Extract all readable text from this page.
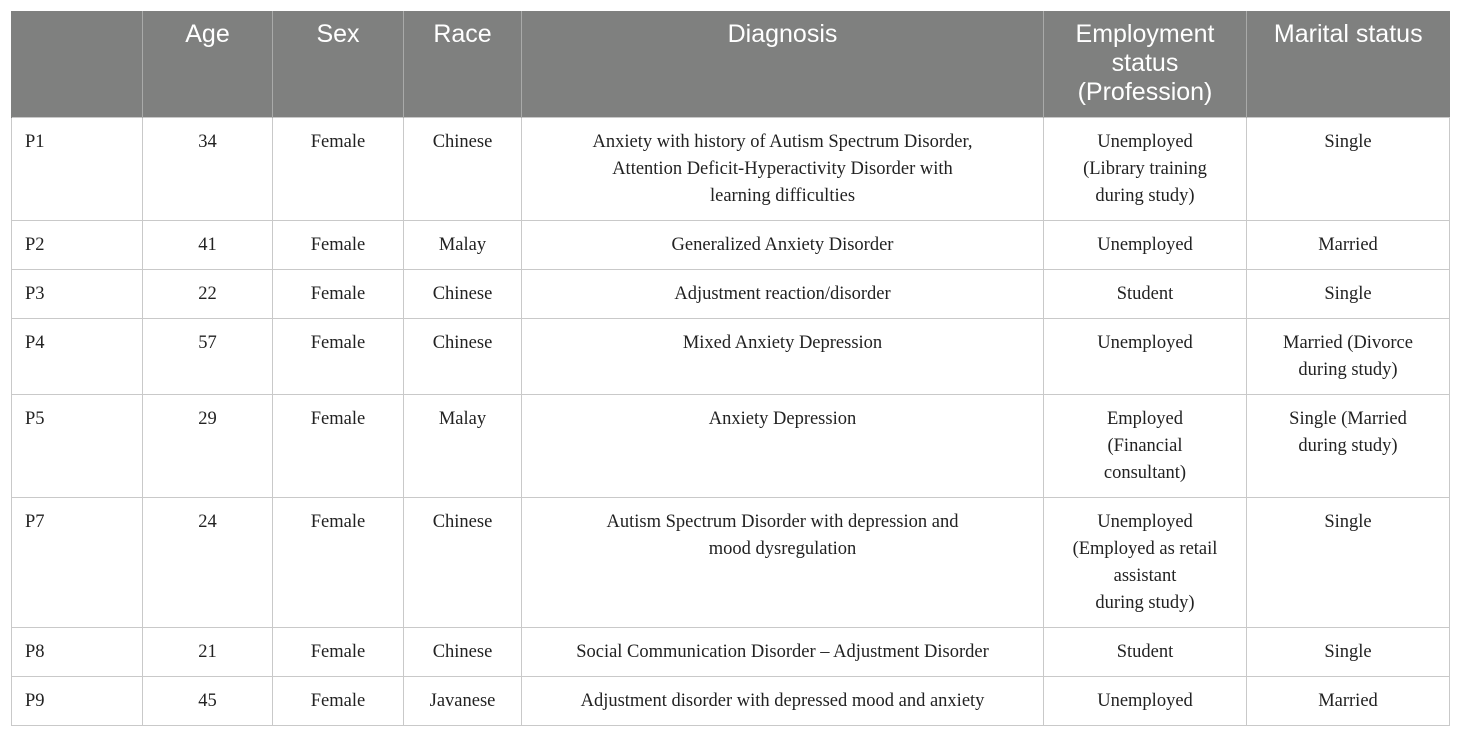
	Age	Sex	Race	Diagnosis	Employment
status
(Profession)	Marital status
P1	34	Female	Chinese	Anxiety with history of Autism Spectrum Disorder,
Attention Deficit-Hyperactivity Disorder with
learning difficulties	Unemployed
(Library training
during study)	Single
P2	41	Female	Malay	Generalized Anxiety Disorder	Unemployed	Married
P3	22	Female	Chinese	Adjustment reaction/disorder	Student	Single
P4	57	Female	Chinese	Mixed Anxiety Depression	Unemployed	Married (Divorce
during study)
P5	29	Female	Malay	Anxiety Depression	Employed
(Financial
consultant)	Single (Married
during study)
P7	24	Female	Chinese	Autism Spectrum Disorder with depression and
mood dysregulation	Unemployed
(Employed as retail
assistant
during study)	Single
P8	21	Female	Chinese	Social Communication Disorder – Adjustment Disorder	Student	Single
P9	45	Female	Javanese	Adjustment disorder with depressed mood and anxiety	Unemployed	Married
